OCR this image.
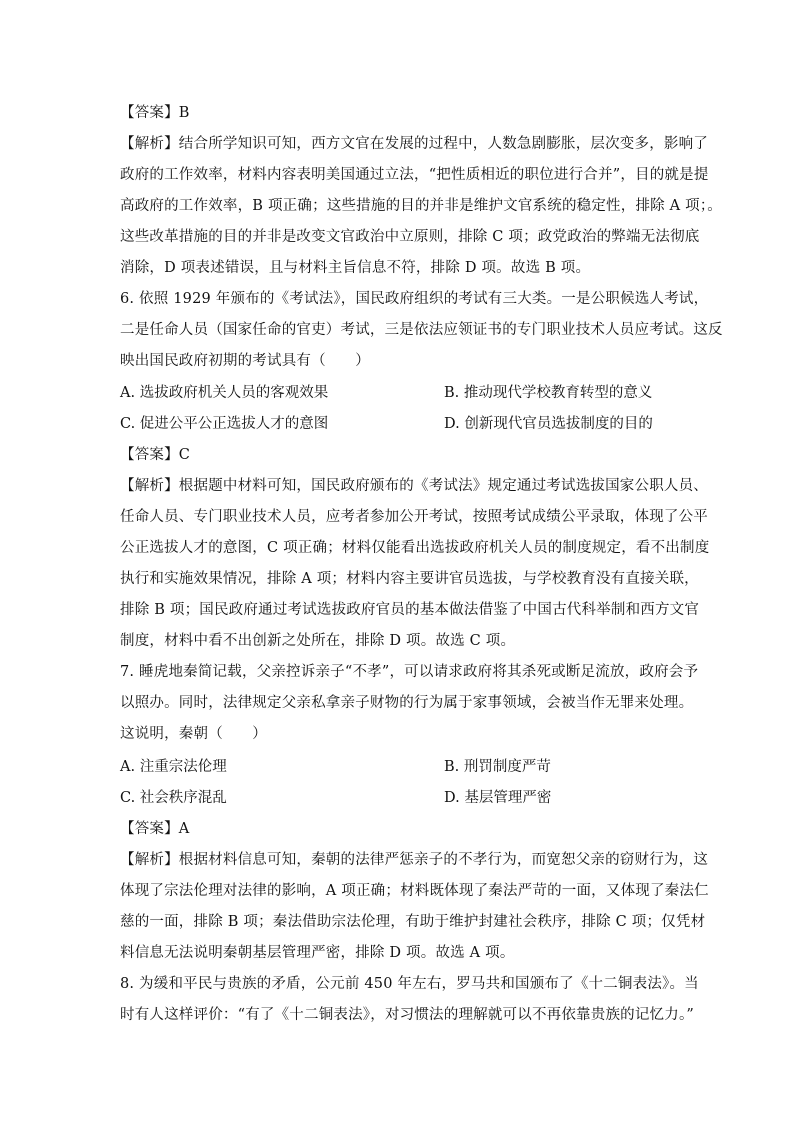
【答案】B
【解析】结合所学知识可知，西方文官在发展的过程中，人数急剧膨胀，层次变多，影响了
政府的工作效率，材料内容表明美国通过立法，“把性质相近的职位进行合并”，目的就是提
高政府的工作效率，B 项正确；这些措施的目的并非是维护文官系统的稳定性，排除 A 项；。
这些改革措施的目的并非是改变文官政治中立原则，排除 C 项；政党政治的弊端无法彻底
消除，D 项表述错误，且与材料主旨信息不符，排除 D 项。故选 B 项。
6. 依照 1929 年颁布的《考试法》，国民政府组织的考试有三大类。一是公职候选人考试，
二是任命人员（国家任命的官吏）考试，三是依法应领证书的专门职业技术人员应考试。这反
映出国民政府初期的考试具有（　　）
A. 选拔政府机关人员的客观效果	B. 推动现代学校教育转型的意义
C. 促进公平公正选拔人才的意图	D. 创新现代官员选拔制度的目的
【答案】C
【解析】根据题中材料可知，国民政府颁布的《考试法》规定通过考试选拔国家公职人员、
任命人员、专门职业技术人员，应考者参加公开考试，按照考试成绩公平录取，体现了公平
公正选拔人才的意图，C 项正确；材料仅能看出选拔政府机关人员的制度规定，看不出制度
执行和实施效果情况，排除 A 项；材料内容主要讲官员选拔，与学校教育没有直接关联，
排除 B 项；国民政府通过考试选拔政府官员的基本做法借鉴了中国古代科举制和西方文官
制度，材料中看不出创新之处所在，排除 D 项。故选 C 项。
7. 睡虎地秦简记载，父亲控诉亲子“不孝”，可以请求政府将其杀死或断足流放，政府会予
以照办。同时，法律规定父亲私拿亲子财物的行为属于家事领域，会被当作无罪来处理。
这说明，秦朝（　　）
A. 注重宗法伦理	B. 刑罚制度严苛
C. 社会秩序混乱	D. 基层管理严密
【答案】A
【解析】根据材料信息可知，秦朝的法律严惩亲子的不孝行为，而宽恕父亲的窃财行为，这
体现了宗法伦理对法律的影响，A 项正确；材料既体现了秦法严苛的一面，又体现了秦法仁
慈的一面，排除 B 项；秦法借助宗法伦理，有助于维护封建社会秩序，排除 C 项；仅凭材
料信息无法说明秦朝基层管理严密，排除 D 项。故选 A 项。
8. 为缓和平民与贵族的矛盾，公元前 450 年左右，罗马共和国颁布了《十二铜表法》。当
时有人这样评价：“有了《十二铜表法》，对习惯法的理解就可以不再依靠贵族的记忆力。”
